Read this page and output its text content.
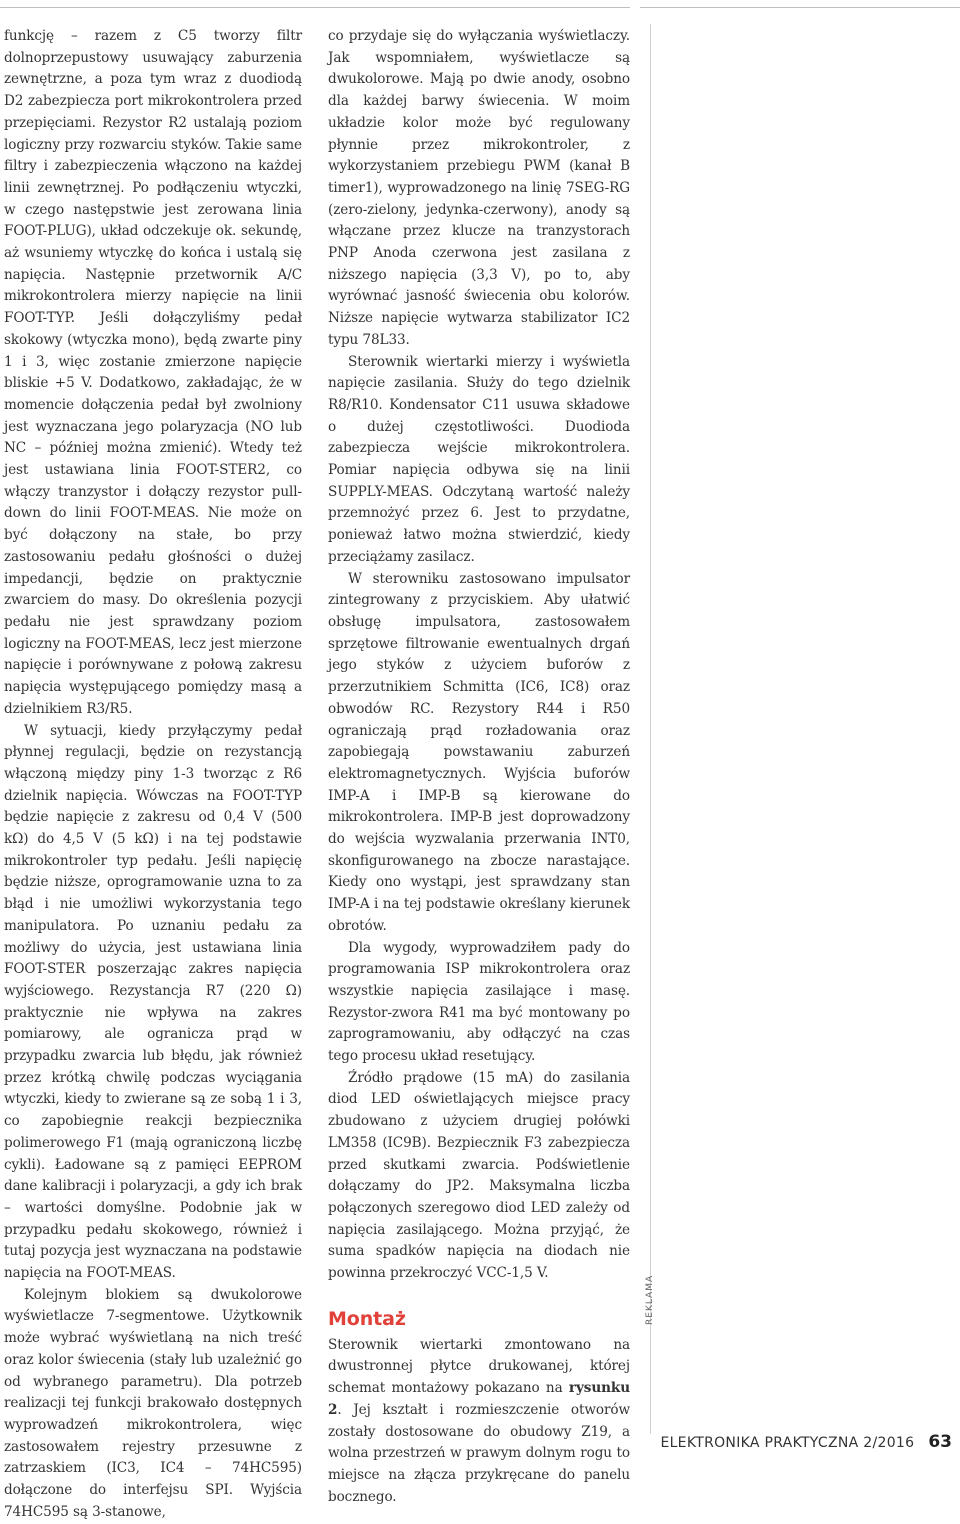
funkcję – razem z C5 tworzy filtr dolnoprzepustowy usuwający zaburzenia zewnętrzne, a poza tym wraz z duodiodą D2 zabezpiecza port mikrokontrolera przed przepięciami. Rezystor R2 ustalają poziom logiczny przy rozwarciu styków. Takie same filtry i zabezpieczenia włączono na każdej linii zewnętrznej. Po podłączeniu wtyczki, w czego następstwie jest zerowana linia FOOT-PLUG), układ odczekuje ok. sekundę, aż wsuniemy wtyczkę do końca i ustalą się napięcia. Następnie przetwornik A/C mikrokontrolera mierzy napięcie na linii FOOT-TYP. Jeśli dołączyliśmy pedał skokowy (wtyczka mono), będą zwarte piny 1 i 3, więc zostanie zmierzone napięcie bliskie +5 V. Dodatkowo, zakładając, że w momencie dołączenia pedał był zwolniony jest wyznaczana jego polaryzacja (NO lub NC – później można zmienić). Wtedy też jest ustawiana linia FOOT-STER2, co włączy tranzystor i dołączy rezystor pull-down do linii FOOT-MEAS. Nie może on być dołączony na stałe, bo przy zastosowaniu pedału głośności o dużej impedancji, będzie on praktycznie zwarciem do masy. Do określenia pozycji pedału nie jest sprawdzany poziom logiczny na FOOT-MEAS, lecz jest mierzone napięcie i porównywane z połową zakresu napięcia występującego pomiędzy masą a dzielnikiem R3/R5.

W sytuacji, kiedy przyłączymy pedał płynnej regulacji, będzie on rezystancją włączoną między piny 1-3 tworząc z R6 dzielnik napięcia. Wówczas na FOOT-TYP będzie napięcie z zakresu od 0,4 V (500 kΩ) do 4,5 V (5 kΩ) i na tej podstawie mikrokontroler typ pedału. Jeśli napięcię będzie niższe, oprogramowanie uzna to za błąd i nie umożliwi wykorzystania tego manipulatora. Po uznaniu pedału za możliwy do użycia, jest ustawiana linia FOOT-STER poszerzając zakres napięcia wyjściowego. Rezystancja R7 (220 Ω) praktycznie nie wpływa na zakres pomiarowy, ale ogranicza prąd w przypadku zwarcia lub błędu, jak również przez krótką chwilę podczas wyciągania wtyczki, kiedy to zwierane są ze sobą 1 i 3, co zapobiegnie reakcji bezpiecznika polimerowego F1 (mają ograniczoną liczbę cykli). Ładowane są z pamięci EEPROM dane kalibracji i polaryzacji, a gdy ich brak – wartości domyślne. Podobnie jak w przypadku pedału skokowego, również i tutaj pozycja jest wyznaczana na podstawie napięcia na FOOT-MEAS.

Kolejnym blokiem są dwukolorowe wyświetlacze 7-segmentowe. Użytkownik może wybrać wyświetlaną na nich treść oraz kolor świecenia (stały lub uzależnić go od wybranego parametru). Dla potrzeb realizacji tej funkcji brakowało dostępnych wyprowadzeń mikrokontrolera, więc zastosowałem rejestry przesuwne z zatrzaskiem (IC3, IC4 – 74HC595) dołączone do interfejsu SPI. Wyjścia 74HC595 są 3-stanowe,

co przydaje się do wyłączania wyświetlaczy. Jak wspomniałem, wyświetlacze są dwukolorowe. Mają po dwie anody, osobno dla każdej barwy świecenia. W moim układzie kolor może być regulowany płynnie przez mikrokontroler, z wykorzystaniem przebiegu PWM (kanał B timer1), wyprowadzonego na linię 7SEG-RG (zero-zielony, jedynka-czerwony), anody są włączane przez klucze na tranzystorach PNP Anoda czerwona jest zasilana z niższego napięcia (3,3 V), po to, aby wyrównać jasność świecenia obu kolorów. Niższe napięcie wytwarza stabilizator IC2 typu 78L33.

Sterownik wiertarki mierzy i wyświetla napięcie zasilania. Służy do tego dzielnik R8/R10. Kondensator C11 usuwa składowe o dużej częstotliwości. Duodioda zabezpiecza wejście mikrokontrolera. Pomiar napięcia odbywa się na linii SUPPLY-MEAS. Odczytaną wartość należy przemnożyć przez 6. Jest to przydatne, ponieważ łatwo można stwierdzić, kiedy przeciążamy zasilacz.

W sterowniku zastosowano impulsator zintegrowany z przyciskiem. Aby ułatwić obsługę impulsatora, zastosowałem sprzętowe filtrowanie ewentualnych drgań jego styków z użyciem buforów z przerzutnikiem Schmitta (IC6, IC8) oraz obwodów RC. Rezystory R44 i R50 ograniczają prąd rozładowania oraz zapobiegają powstawaniu zaburzeń elektromagnetycznych. Wyjścia buforów IMP-A i IMP-B są kierowane do mikrokontrolera. IMP-B jest doprowadzony do wejścia wyzwalania przerwania INT0, skonfigurowanego na zbocze narastające. Kiedy ono wystąpi, jest sprawdzany stan IMP-A i na tej podstawie określany kierunek obrotów.

Dla wygody, wyprowadziłem pady do programowania ISP mikrokontrolera oraz wszystkie napięcia zasilające i masę. Rezystor-zwora R41 ma być montowany po zaprogramowaniu, aby odłączyć na czas tego procesu układ resetujący.

Źródło prądowe (15 mA) do zasilania diod LED oświetlających miejsce pracy zbudowano z użyciem drugiej połówki LM358 (IC9B). Bezpiecznik F3 zabezpiecza przed skutkami zwarcia. Podświetlenie dołączamy do JP2. Maksymalna liczba połączonych szeregowo diod LED zależy od napięcia zasilającego. Można przyjąć, że suma spadków napięcia na diodach nie powinna przekroczyć VCC-1,5 V.

Montaż

Sterownik wiertarki zmontowano na dwustronnej płytce drukowanej, której schemat montażowy pokazano na rysunku 2. Jej kształt i rozmieszczenie otworów zostały dostosowane do obudowy Z19, a wolna przestrzeń w prawym dolnym rogu to miejsce na złącza przykręcane do panelu bocznego.

REKLAMA
ELEKTRONIKA PRAKTYCZNA 2/2016 63
